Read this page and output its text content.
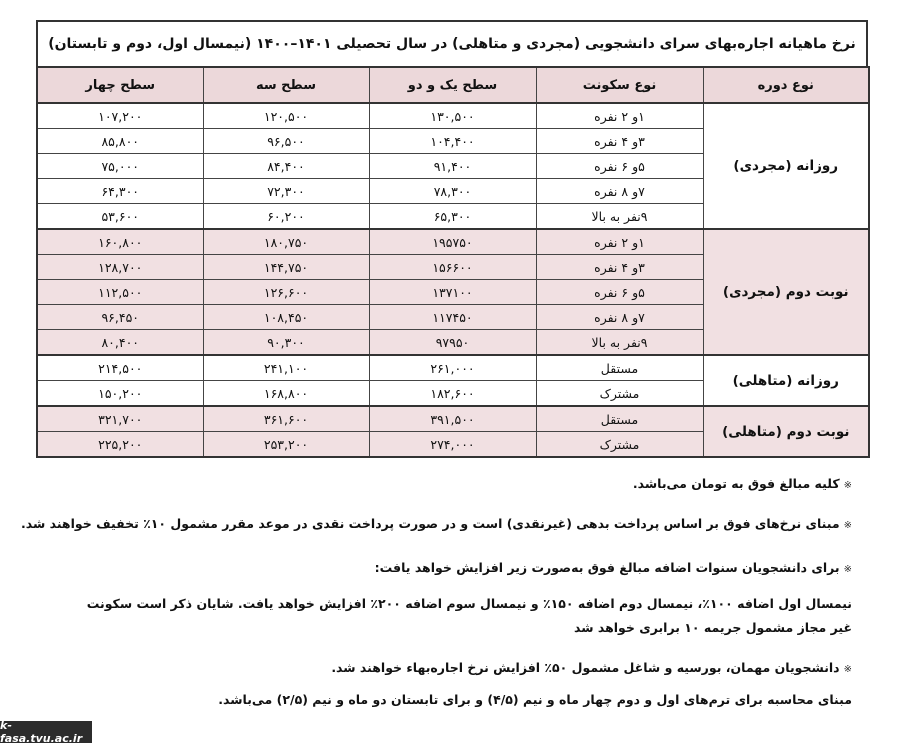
نرخ ماهیانه اجاره‌بهای سرای دانشجویی (مجردی و متاهلی) در سال تحصیلی ۱۴۰۱–۱۴۰۰ (نیمسال اول، دوم و تابستان)
نوع دوره	نوع سکونت	سطح یک و دو	سطح سه	سطح چهار
روزانه (مجردی)	۱و ۲ نفره	۱۳۰,۵۰۰	۱۲۰,۵۰۰	۱۰۷,۲۰۰
	۳و ۴ نفره	۱۰۴,۴۰۰	۹۶,۵۰۰	۸۵,۸۰۰
	۵و ۶ نفره	۹۱,۴۰۰	۸۴,۴۰۰	۷۵,۰۰۰
	۷و ۸ نفره	۷۸,۳۰۰	۷۲,۳۰۰	۶۴,۳۰۰
	۹نفر به بالا	۶۵,۳۰۰	۶۰,۲۰۰	۵۳,۶۰۰
نوبت دوم (مجردی)	۱و ۲ نفره	۱۹۵۷۵۰	۱۸۰,۷۵۰	۱۶۰,۸۰۰
	۳و ۴ نفره	۱۵۶۶۰۰	۱۴۴,۷۵۰	۱۲۸,۷۰۰
	۵و ۶ نفره	۱۳۷۱۰۰	۱۲۶,۶۰۰	۱۱۲,۵۰۰
	۷و ۸ نفره	۱۱۷۴۵۰	۱۰۸,۴۵۰	۹۶,۴۵۰
	۹نفر به بالا	۹۷۹۵۰	۹۰,۳۰۰	۸۰,۴۰۰
روزانه (متاهلی)	مستقل	۲۶۱,۰۰۰	۲۴۱,۱۰۰	۲۱۴,۵۰۰
	مشترک	۱۸۲,۶۰۰	۱۶۸,۸۰۰	۱۵۰,۲۰۰
نوبت دوم (متاهلی)	مستقل	۳۹۱,۵۰۰	۳۶۱,۶۰۰	۳۲۱,۷۰۰
	مشترک	۲۷۴,۰۰۰	۲۵۳,۲۰۰	۲۲۵,۲۰۰
※کلیه مبالغ فوق به تومان می‌باشد.
※مبنای نرخ‌های فوق بر اساس پرداخت بدهی (غیرنقدی) است و در صورت پرداخت نقدی در موعد مقرر مشمول ۱۰٪ تخفیف خواهند شد.
※برای دانشجویان سنوات اضافه مبالغ فوق به‌صورت زیر افزایش خواهد یافت:
نیمسال اول اضافه ۱۰۰٪، نیمسال دوم اضافه ۱۵۰٪ و نیمسال سوم اضافه ۲۰۰٪ افزایش خواهد یافت. شایان ذکر است سکونت
غیر مجاز مشمول جریمه ۱۰ برابری خواهد شد
※دانشجویان مهمان، بورسیه و شاغل مشمول ۵۰٪ افزایش نرخ اجاره‌بهاء خواهند شد.
مبنای محاسبه برای ترم‌های اول و دوم چهار ماه و نیم (۴/۵) و برای تابستان دو ماه و نیم (۲/۵) می‌باشد.
k-fasa.tvu.ac.ir
